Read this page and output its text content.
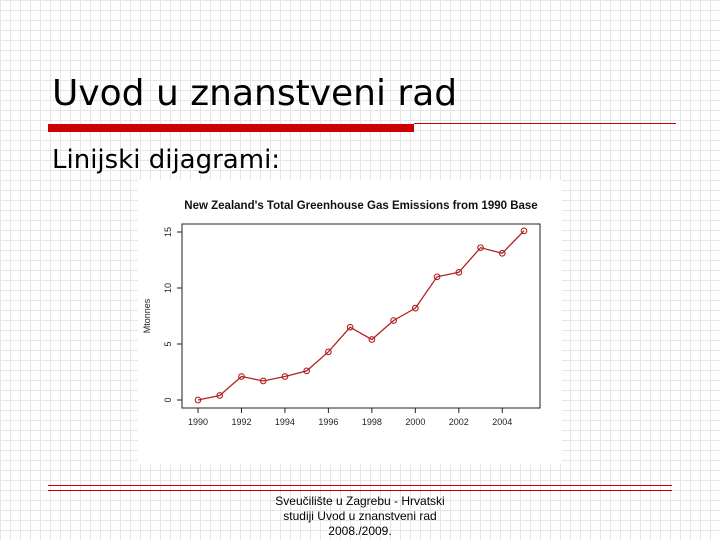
Uvod u znanstveni rad
Linijski dijagrami:
New Zealand's Total Greenhouse Gas Emissions from 1990 Base
Mtonnes
1990	1992	1994	1996	1998	2000	2002	2004
0
5
10
15
Sveučilište u Zagrebu - Hrvatski
studiji Uvod u znanstveni rad
2008./2009.
